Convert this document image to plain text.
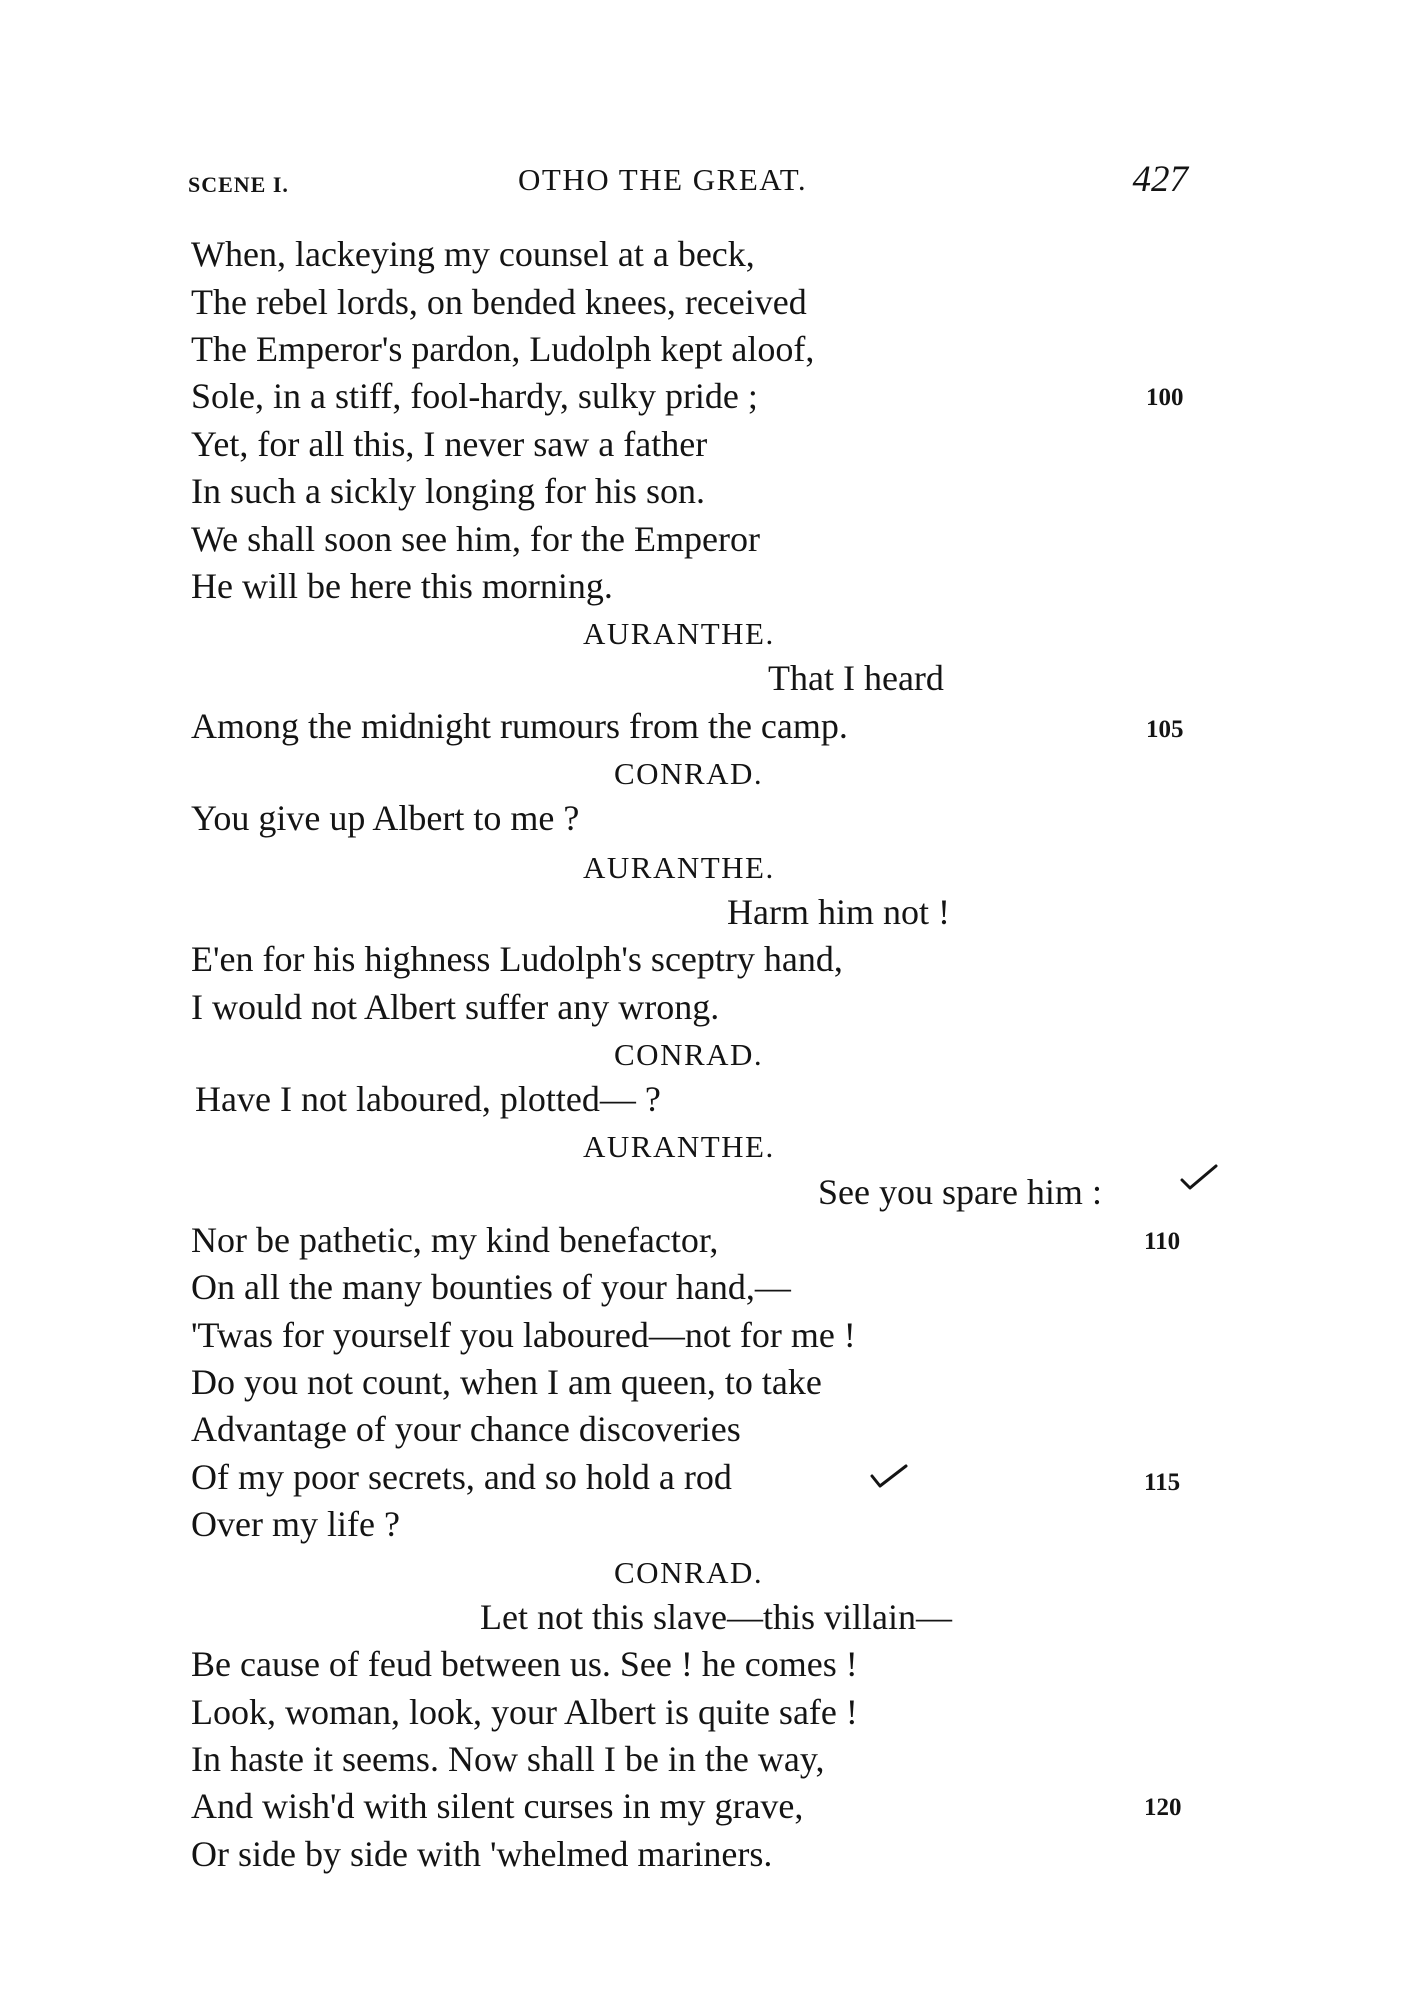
SCENE I.	OTHO THE GREAT.	427
When, lackeying my counsel at a beck,
The rebel lords, on bended knees, received
The Emperor's pardon, Ludolph kept aloof,
Sole, in a stiff, fool-hardy, sulky pride ;	100
Yet, for all this, I never saw a father
In such a sickly longing for his son.
We shall soon see him, for the Emperor
He will be here this morning.
AURANTHE.
That I heard
Among the midnight rumours from the camp.	105
CONRAD.
You give up Albert to me ?
AURANTHE.
Harm him not !
E'en for his highness Ludolph's sceptry hand,
I would not Albert suffer any wrong.
CONRAD.
Have I not laboured, plotted— ?
AURANTHE.
See you spare him :
Nor be pathetic, my kind benefactor,	110
On all the many bounties of your hand,—
'Twas for yourself you laboured—not for me !
Do you not count, when I am queen, to take
Advantage of your chance discoveries
Of my poor secrets, and so hold a rod	115
Over my life ?
CONRAD.
Let not this slave—this villain—
Be cause of feud between us. See ! he comes !
Look, woman, look, your Albert is quite safe !
In haste it seems. Now shall I be in the way,
And wish'd with silent curses in my grave,	120
Or side by side with 'whelmed mariners.
